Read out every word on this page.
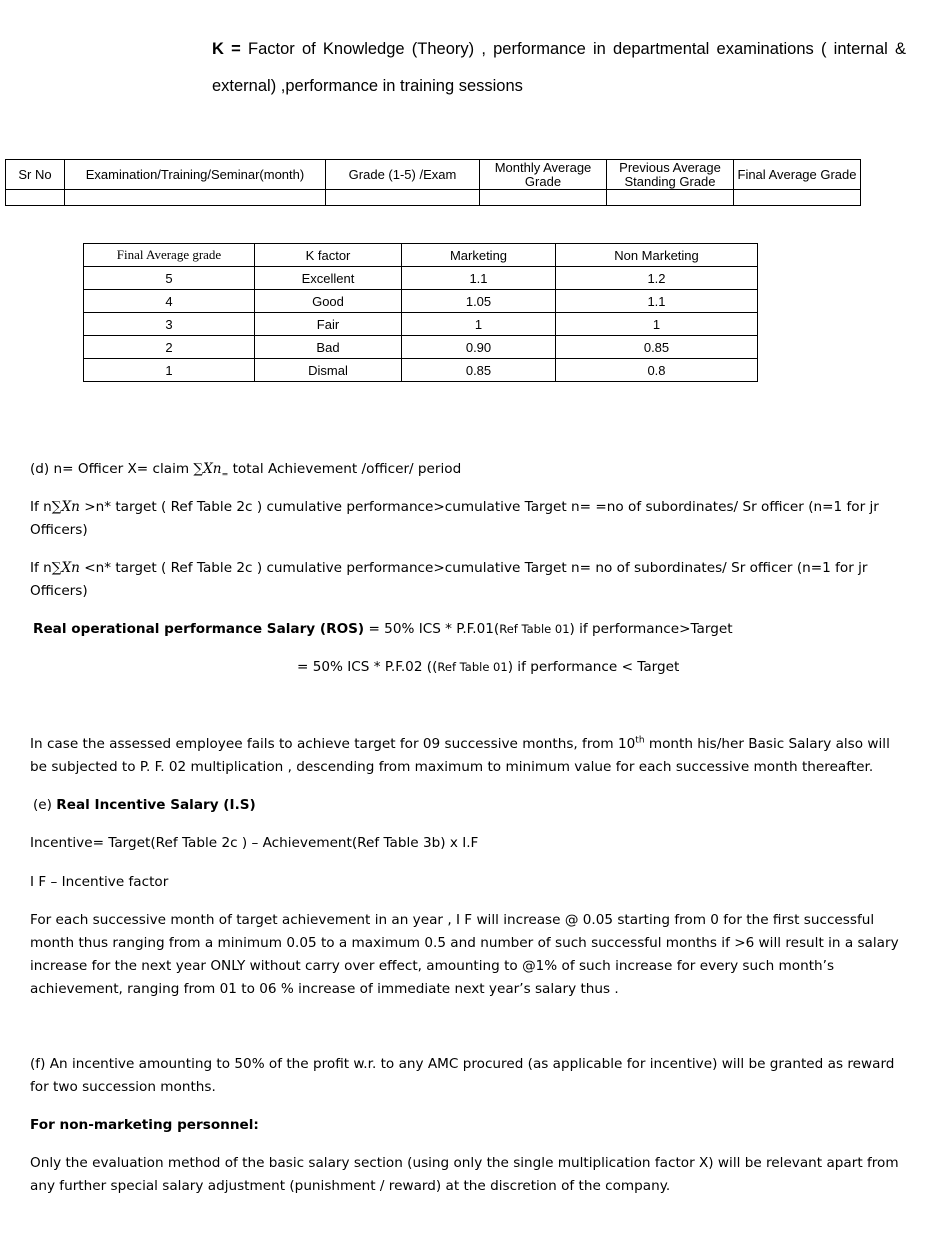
K = Factor of Knowledge (Theory) , performance in departmental examinations ( internal & external) ,performance in training sessions
Sr No	Examination/Training/Seminar(month)	Grade (1-5) /Exam	Monthly Average Grade	Previous Average Standing Grade	Final Average Grade

Final Average grade	K factor	Marketing	Non Marketing
5	Excellent	1.1	1.2
4	Good	1.05	1.1
3	Fair	1	1
2	Bad	0.90	0.85
1	Dismal	0.85	0.8
(d) n= Officer X= claim $\sum Xn_=$ total Achievement /officer/ period
If n∑Xn >n* target ( Ref Table 2c ) cumulative performance>cumulative Target n= =no of subordinates/ Sr officer (n=1 for jr Officers)
If n∑Xn <n* target ( Ref Table 2c ) cumulative performance>cumulative Target n= no of subordinates/ Sr officer (n=1 for jr Officers)
Real operational performance Salary (ROS) = 50% ICS * P.F.01(Ref Table 01) if performance>Target
= 50% ICS * P.F.02 ((Ref Table 01) if performance < Target
In case the assessed employee fails to achieve target for 09 successive months, from 10th month his/her Basic Salary also will be subjected to P. F. 02 multiplication , descending from maximum to minimum value for each successive month thereafter.
(e) Real Incentive Salary (I.S)
Incentive= Target(Ref Table 2c ) – Achievement(Ref Table 3b) x I.F
I F – Incentive factor
For each successive month of target achievement in an year , I F will increase @ 0.05 starting from 0 for the first successful month thus ranging from a minimum 0.05 to a maximum 0.5 and number of such successful months if >6 will result in a salary increase for the next year ONLY without carry over effect, amounting to @1% of such increase for every such month’s achievement, ranging from 01 to 06 % increase of immediate next year’s salary thus .
(f) An incentive amounting to 50% of the profit w.r. to any AMC procured (as applicable for incentive) will be granted as reward for two succession months.
For non-marketing personnel:
Only the evaluation method of the basic salary section (using only the single multiplication factor X) will be relevant apart from any further special salary adjustment (punishment / reward) at the discretion of the company.
